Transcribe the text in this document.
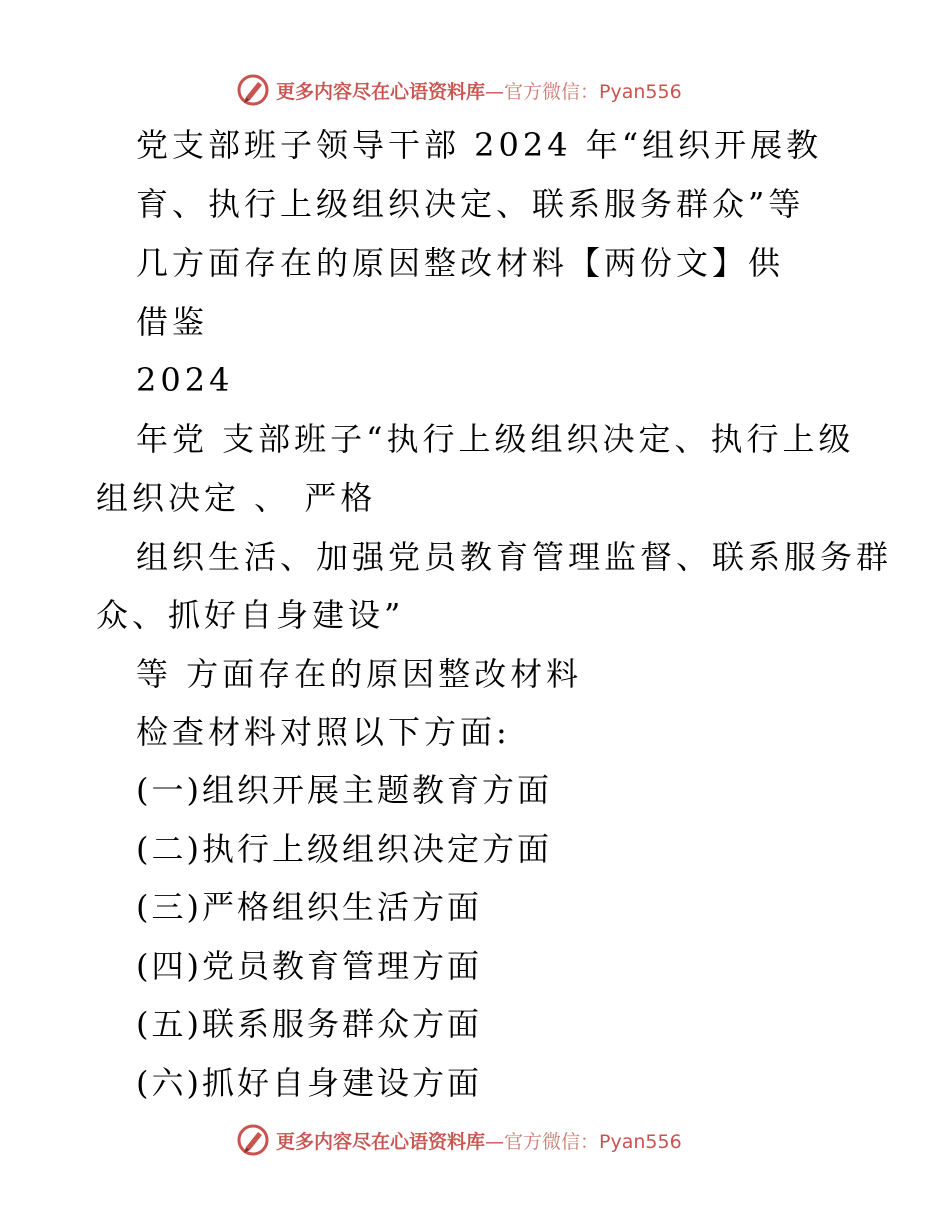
更多内容尽在心语资料库—官方微信：Pyan556
党支部班子领导干部 2024 年“组织开展教
育、执行上级组织决定、联系服务群众”等
几方面存在的原因整改材料【两份文】供
借鉴
2024
年党 支部班子“执行上级组织决定、执行上级
组织决定 、 严格
组织生活、加强党员教育管理监督、联系服务群
众、抓好自身建设”
等 方面存在的原因整改材料
检查材料对照以下方面:
(一)组织开展主题教育方面
(二)执行上级组织决定方面
(三)严格组织生活方面
(四)党员教育管理方面
(五)联系服务群众方面
(六)抓好自身建设方面
更多内容尽在心语资料库—官方微信：Pyan556
